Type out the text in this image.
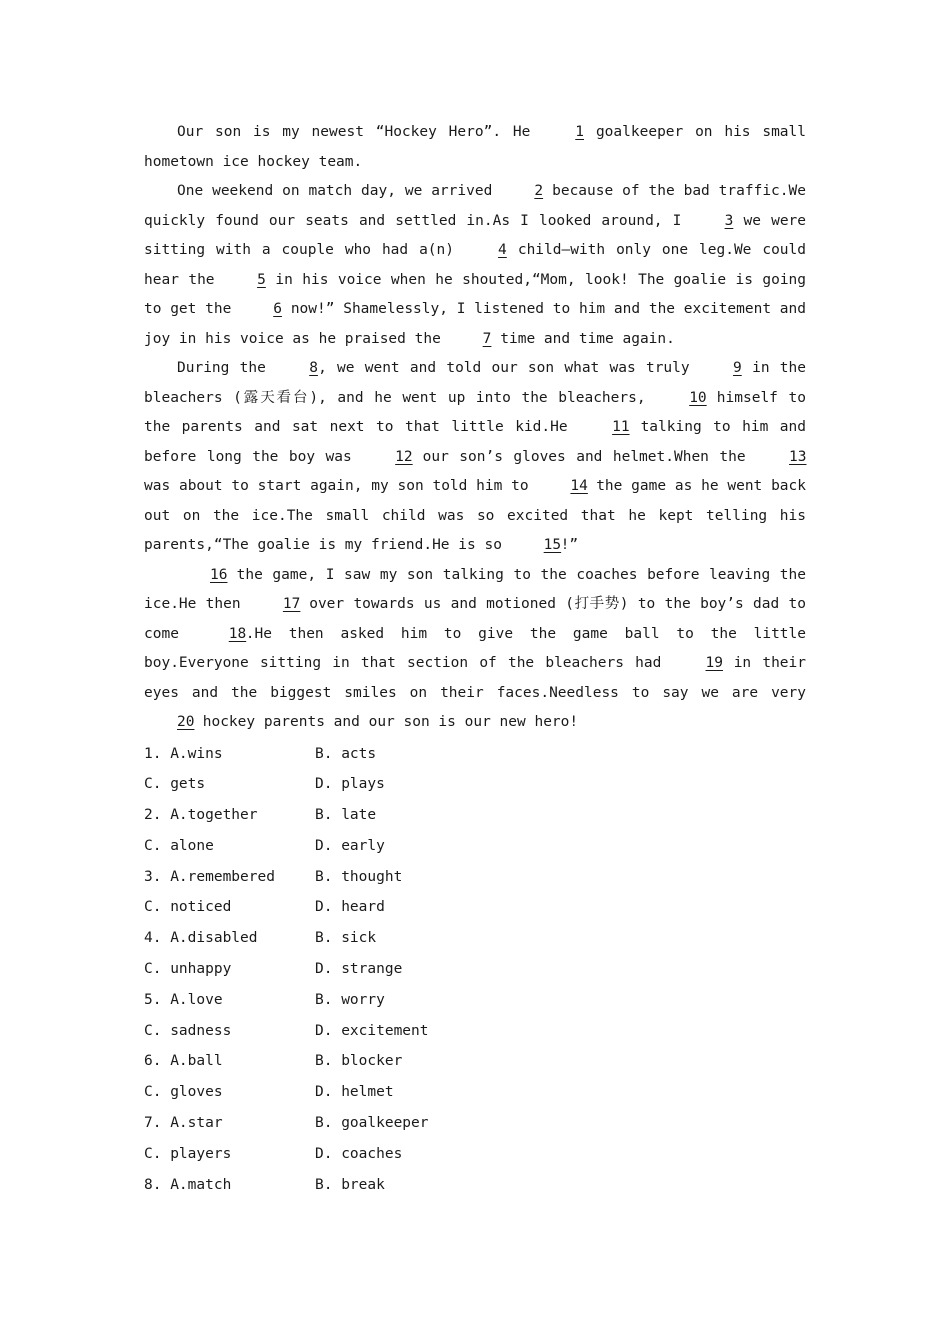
Our son is my newest “Hockey Hero”. He 1 goalkeeper on his small hometown ice hockey team.

One weekend on match day, we arrived 2 because of the bad traffic.We quickly found our seats and settled in.As I looked around, I 3 we were sitting with a couple who had a(n) 4 child—with only one leg.We could hear the 5 in his voice when he shouted,“Mom, look! The goalie is going to get the 6 now!” Shamelessly, I listened to him and the excitement and joy in his voice as he praised the 7 time and time again.

During the 8, we went and told our son what was truly 9 in the bleachers (露天看台), and he went up into the bleachers, 10 himself to the parents and sat next to that little kid.He 11 talking to him and before long the boy was 12 our son’s gloves and helmet.When the 13 was about to start again, my son told him to 14 the game as he went back out on the ice.The small child was so excited that he kept telling his parents,“The goalie is my friend.He is so 15!”

16 the game, I saw my son talking to the coaches before leaving the ice.He then 17 over towards us and motioned (打手势) to the boy’s dad to come 18.He then asked him to give the game ball to the little boy.Everyone sitting in that section of the bleachers had 19 in their eyes and the biggest smiles on their faces.Needless to say we are very 20 hockey parents and our son is our new hero!

1. A.wins	B. acts
C. gets	D. plays
2. A.together	B. late
C. alone	D. early
3. A.remembered	B. thought
C. noticed	D. heard
4. A.disabled	B. sick
C. unhappy	D. strange
5. A.love	B. worry
C. sadness	D. excitement
6. A.ball	B. blocker
C. gloves	D. helmet
7. A.star	B. goalkeeper
C. players	D. coaches
8. A.match	B. break
